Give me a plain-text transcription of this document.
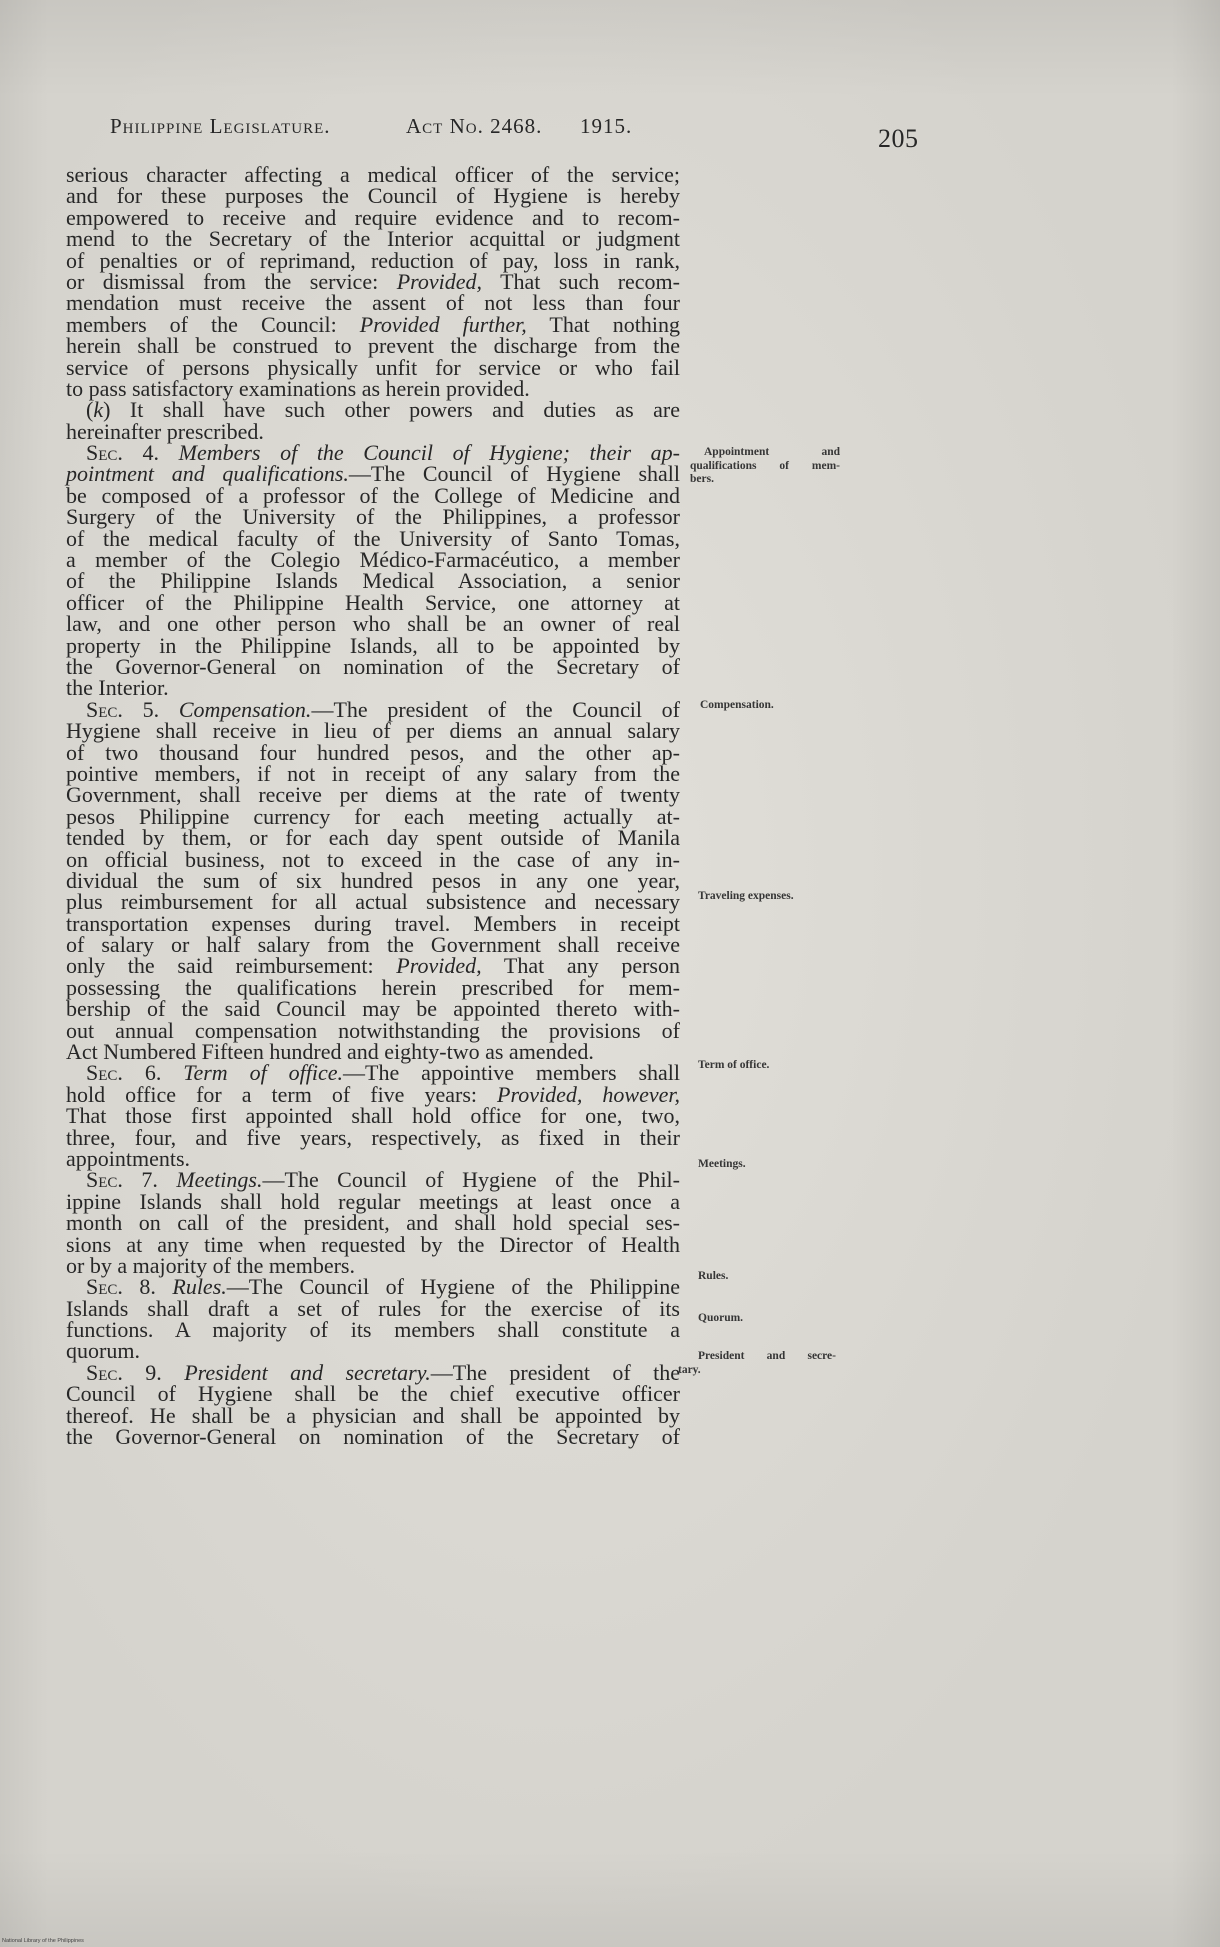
Philippine Legislature.	Act No. 2468. 1915.	205
serious character affecting a medical officer of the service;
and for these purposes the Council of Hygiene is hereby
empowered to receive and require evidence and to recom-
mend to the Secretary of the Interior acquittal or judgment
of penalties or of reprimand, reduction of pay, loss in rank,
or dismissal from the service: Provided, That such recom-
mendation must receive the assent of not less than four
members of the Council: Provided further, That nothing
herein shall be construed to prevent the discharge from the
service of persons physically unfit for service or who fail
to pass satisfactory examinations as herein provided.
(k) It shall have such other powers and duties as are
hereinafter prescribed.
Sec. 4. Members of the Council of Hygiene; their ap-
pointment and qualifications.—The Council of Hygiene shall
be composed of a professor of the College of Medicine and
Surgery of the University of the Philippines, a professor
of the medical faculty of the University of Santo Tomas,
a member of the Colegio Médico-Farmacéutico, a member
of the Philippine Islands Medical Association, a senior
officer of the Philippine Health Service, one attorney at
law, and one other person who shall be an owner of real
property in the Philippine Islands, all to be appointed by
the Governor-General on nomination of the Secretary of
the Interior.
Sec. 5. Compensation.—The president of the Council of
Hygiene shall receive in lieu of per diems an annual salary
of two thousand four hundred pesos, and the other ap-
pointive members, if not in receipt of any salary from the
Government, shall receive per diems at the rate of twenty
pesos Philippine currency for each meeting actually at-
tended by them, or for each day spent outside of Manila
on official business, not to exceed in the case of any in-
dividual the sum of six hundred pesos in any one year,
plus reimbursement for all actual subsistence and necessary
transportation expenses during travel. Members in receipt
of salary or half salary from the Government shall receive
only the said reimbursement: Provided, That any person
possessing the qualifications herein prescribed for mem-
bership of the said Council may be appointed thereto with-
out annual compensation notwithstanding the provisions of
Act Numbered Fifteen hundred and eighty-two as amended.
Sec. 6. Term of office.—The appointive members shall
hold office for a term of five years: Provided, however,
That those first appointed shall hold office for one, two,
three, four, and five years, respectively, as fixed in their
appointments.
Sec. 7. Meetings.—The Council of Hygiene of the Phil-
ippine Islands shall hold regular meetings at least once a
month on call of the president, and shall hold special ses-
sions at any time when requested by the Director of Health
or by a majority of the members.
Sec. 8. Rules.—The Council of Hygiene of the Philippine
Islands shall draft a set of rules for the exercise of its
functions. A majority of its members shall constitute a
quorum.
Sec. 9. President and secretary.—The president of the
Council of Hygiene shall be the chief executive officer
thereof. He shall be a physician and shall be appointed by
the Governor-General on nomination of the Secretary of
Appointment and
qualifications of mem-
bers.
Compensation.
Traveling expenses.
Term of office.
Meetings.
Rules.
Quorum.
President and secre-
tary.
National Library of the Philippines
